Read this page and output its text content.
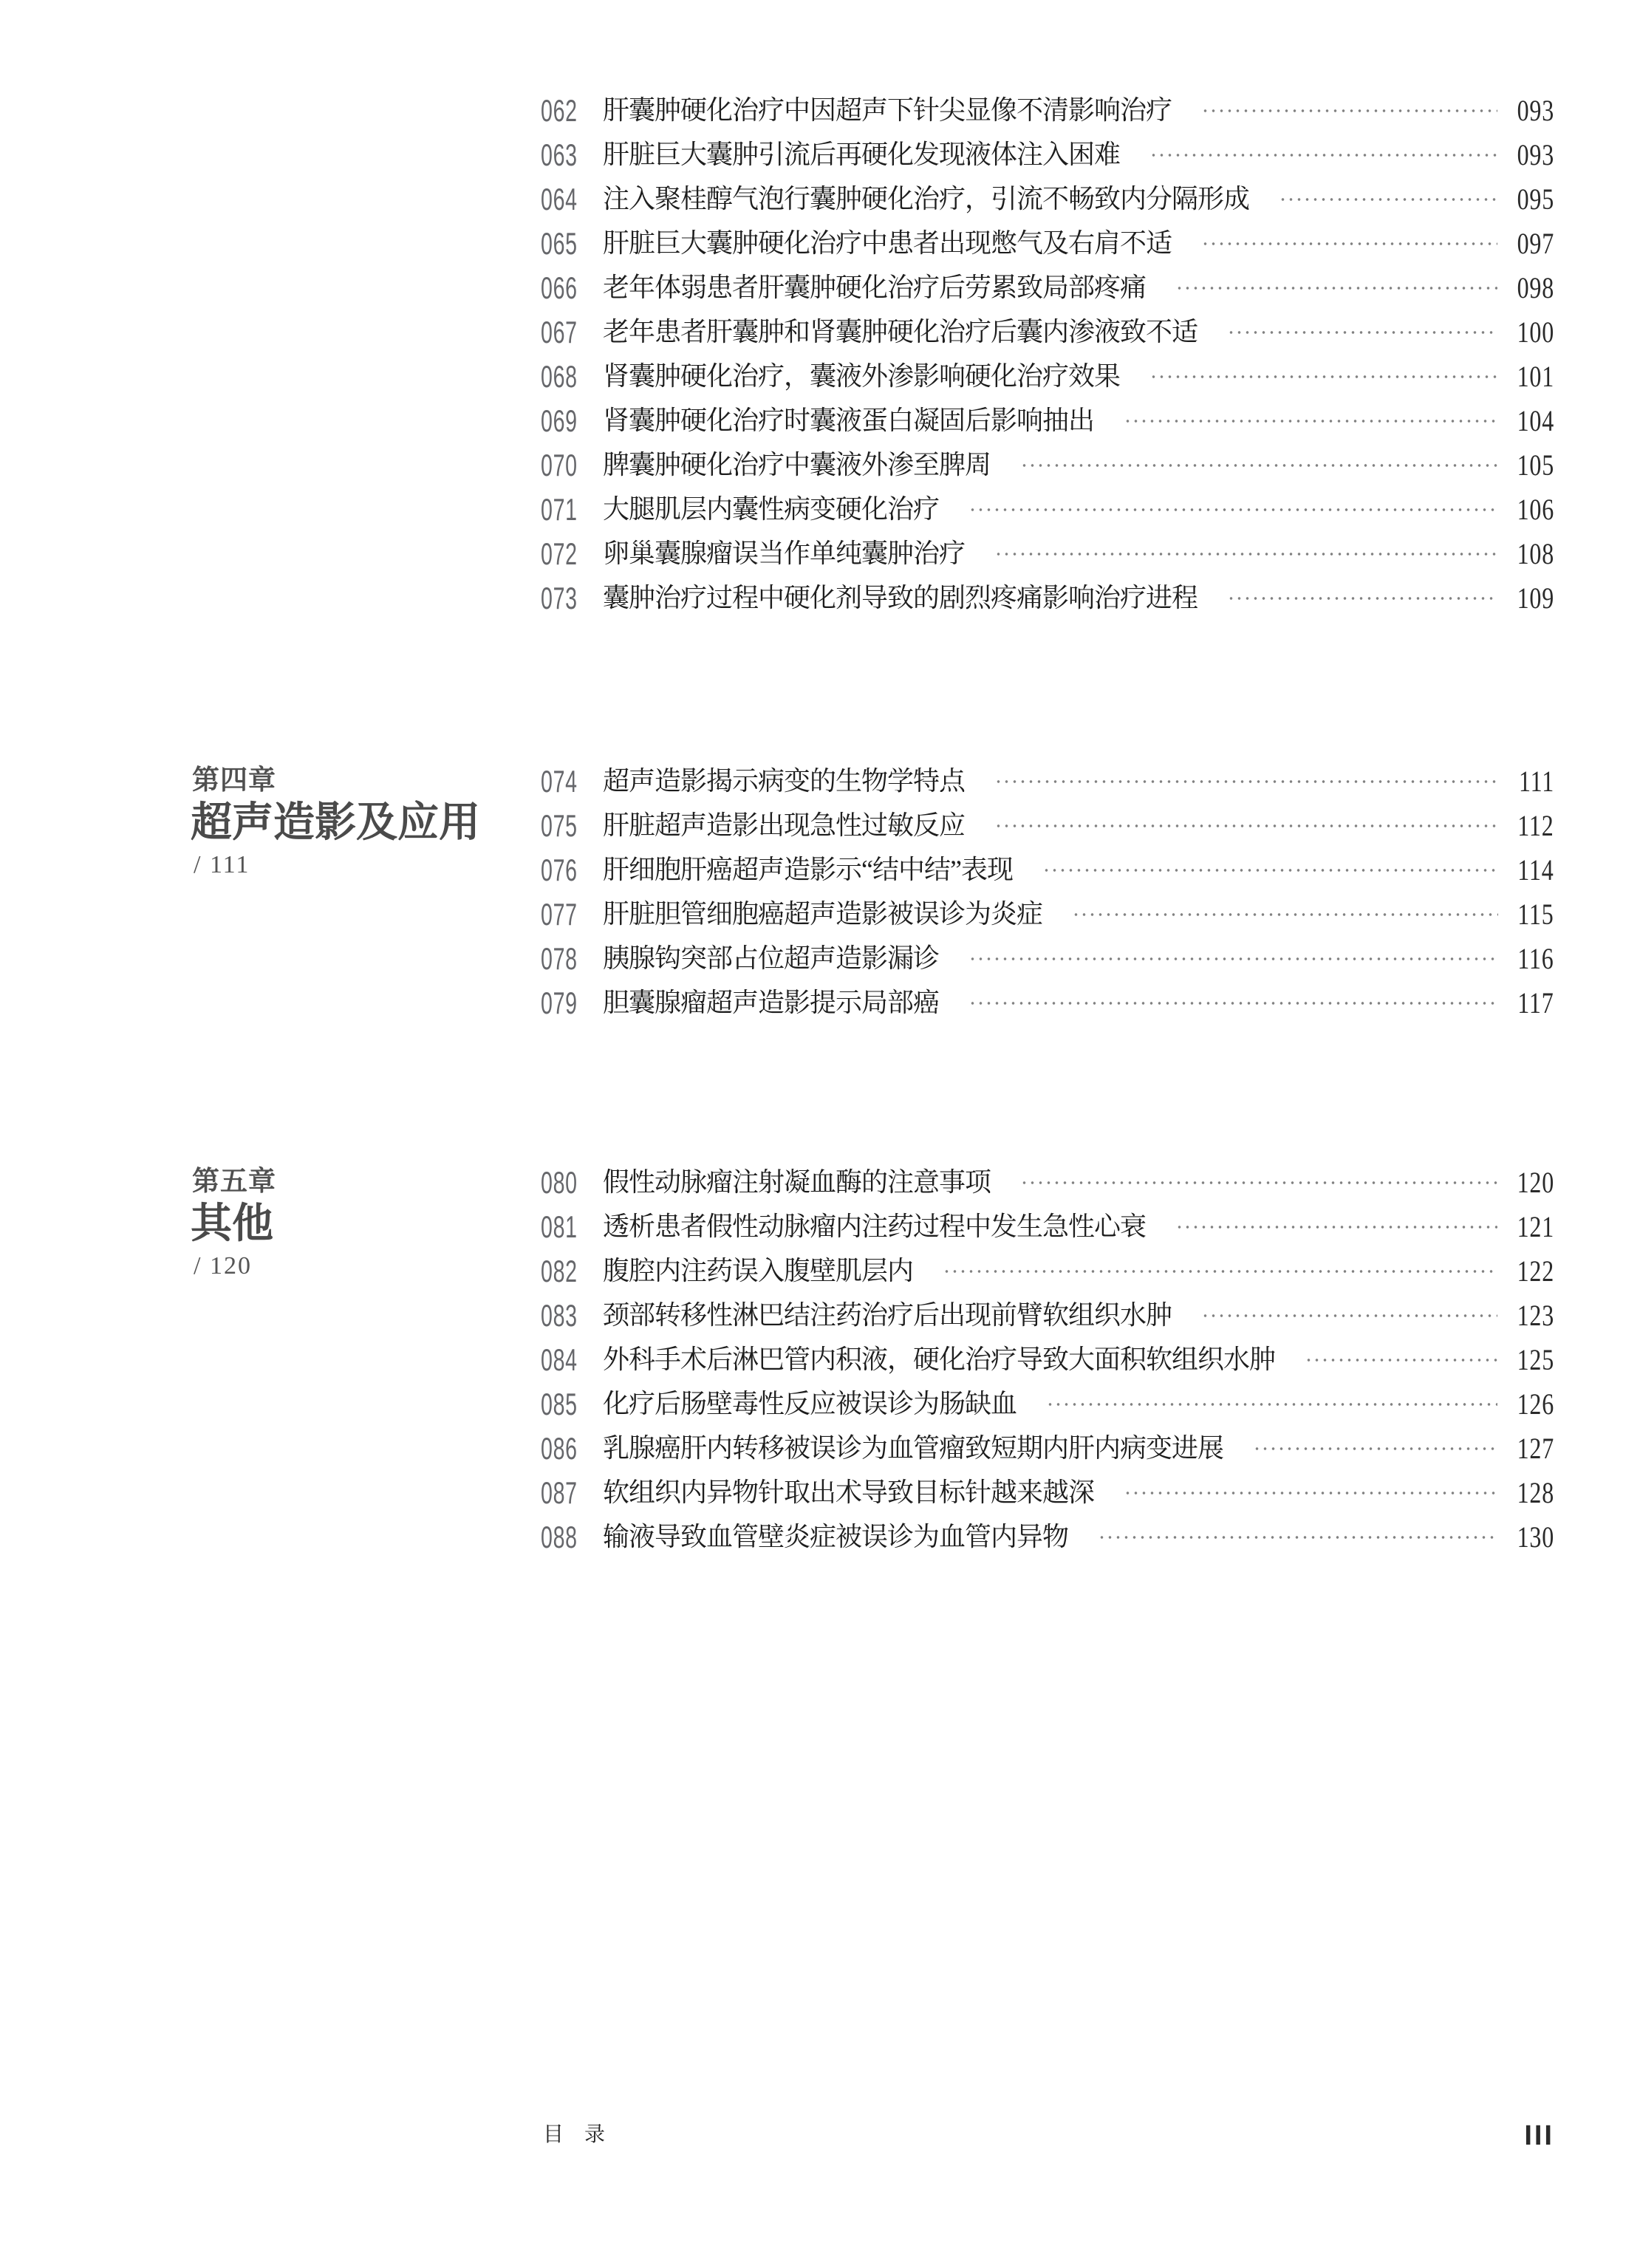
062 肝囊肿硬化治疗中因超声下针尖显像不清影响治疗	093
063 肝脏巨大囊肿引流后再硬化发现液体注入困难	093
064 注入聚桂醇气泡行囊肿硬化治疗，引流不畅致内分隔形成	095
065 肝脏巨大囊肿硬化治疗中患者出现憋气及右肩不适	097
066 老年体弱患者肝囊肿硬化治疗后劳累致局部疼痛	098
067 老年患者肝囊肿和肾囊肿硬化治疗后囊内渗液致不适	100
068 肾囊肿硬化治疗，囊液外渗影响硬化治疗效果	101
069 肾囊肿硬化治疗时囊液蛋白凝固后影响抽出	104
070 脾囊肿硬化治疗中囊液外渗至脾周	105
071 大腿肌层内囊性病变硬化治疗	106
072 卵巢囊腺瘤误当作单纯囊肿治疗	108
073 囊肿治疗过程中硬化剂导致的剧烈疼痛影响治疗进程	109
第四章
超声造影及应用
/ 111
074 超声造影揭示病变的生物学特点	111
075 肝脏超声造影出现急性过敏反应	112
076 肝细胞肝癌超声造影示“结中结”表现	114
077 肝脏胆管细胞癌超声造影被误诊为炎症	115
078 胰腺钩突部占位超声造影漏诊	116
079 胆囊腺瘤超声造影提示局部癌	117
第五章
其他
/ 120
080 假性动脉瘤注射凝血酶的注意事项	120
081 透析患者假性动脉瘤内注药过程中发生急性心衰	121
082 腹腔内注药误入腹壁肌层内	122
083 颈部转移性淋巴结注药治疗后出现前臂软组织水肿	123
084 外科手术后淋巴管内积液，硬化治疗导致大面积软组织水肿	125
085 化疗后肠壁毒性反应被误诊为肠缺血	126
086 乳腺癌肝内转移被误诊为血管瘤致短期内肝内病变进展	127
087 软组织内异物针取出术导致目标针越来越深	128
088 输液导致血管壁炎症被误诊为血管内异物	130
目　录	III
